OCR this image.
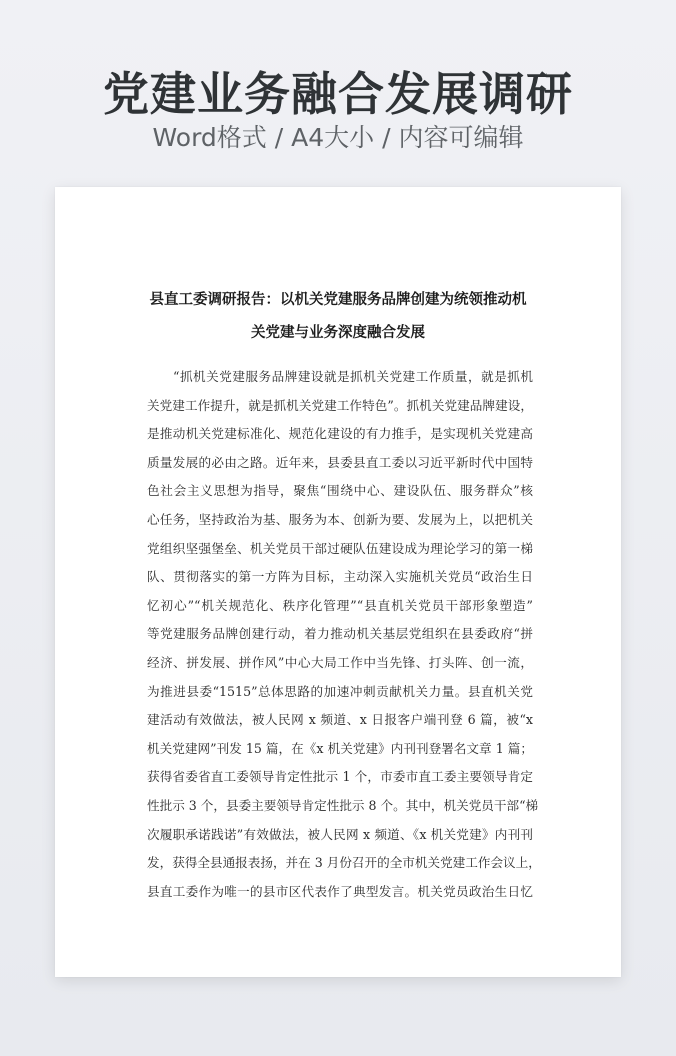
党建业务融合发展调研
Word格式 / A4大小 / 内容可编辑
县直工委调研报告：以机关党建服务品牌创建为统领推动机
关党建与业务深度融合发展
“抓机关党建服务品牌建设就是抓机关党建工作质量，就是抓机
关党建工作提升，就是抓机关党建工作特色”。抓机关党建品牌建设，
是推动机关党建标准化、规范化建设的有力推手，是实现机关党建高
质量发展的必由之路。近年来，县委县直工委以习近平新时代中国特
色社会主义思想为指导，聚焦“围绕中心、建设队伍、服务群众”核
心任务，坚持政治为基、服务为本、创新为要、发展为上，以把机关
党组织坚强堡垒、机关党员干部过硬队伍建设成为理论学习的第一梯
队、贯彻落实的第一方阵为目标，主动深入实施机关党员“政治生日
忆初心”“机关规范化、秩序化管理”“县直机关党员干部形象塑造”
等党建服务品牌创建行动，着力推动机关基层党组织在县委政府“拼
经济、拼发展、拼作风”中心大局工作中当先锋、打头阵、创一流，
为推进县委“1515”总体思路的加速冲刺贡献机关力量。县直机关党
建活动有效做法，被人民网 x 频道、x 日报客户端刊登 6 篇，被“x
机关党建网”刊发 15 篇，在《x 机关党建》内刊刊登署名文章 1 篇；
获得省委省直工委领导肯定性批示 1 个，市委市直工委主要领导肯定
性批示 3 个，县委主要领导肯定性批示 8 个。其中，机关党员干部“梯
次履职承诺践诺”有效做法，被人民网 x 频道、《x 机关党建》内刊刊
发，获得全县通报表扬，并在 3 月份召开的全市机关党建工作会议上，
县直工委作为唯一的县市区代表作了典型发言。机关党员政治生日忆
